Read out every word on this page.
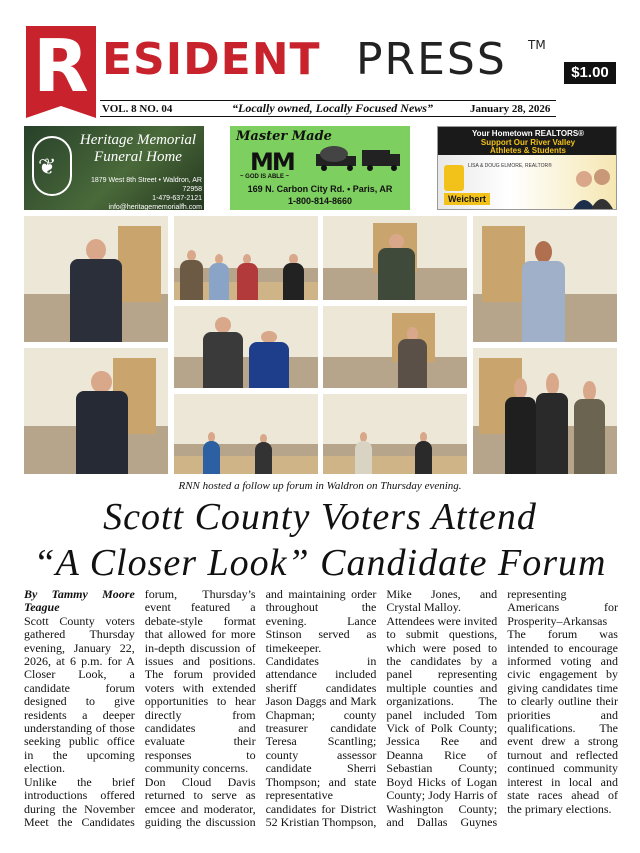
R ESIDENT PRESS TM
$1.00
VOL. 8 NO. 04	“Locally owned, Locally Focused News”	January 28, 2026
❦
Heritage Memorial
Funeral Home
1879 West 8th Street • Waldron, AR 72958
1-479-637-2121
info@heritagememorialfh.com
Master Made
MM
~ GOD IS ABLE ~
169 N. Carbon City Rd. • Paris, AR
1-800-814-8660
Your Hometown REALTORS®
Support Our River Valley
Athletes & Students
LISA & DOUG ELMORE, REALTOR®
Weichert
RNN hosted a follow up forum in Waldron on Thursday evening.
Scott County Voters Attend
“A Closer Look” Candidate Forum

By Tammy Moore Teague

Scott County voters gathered Thursday evening, January 22, 2026, at 6 p.m. for A Closer Look, a candidate forum designed to give residents a deeper understanding of those seeking public office in the upcoming election.

Unlike the brief introductions offered during the November Meet the Candidates forum, Thursday’s event featured a debate-style format that allowed for more in-depth discussion of issues and positions. The forum provided voters with extended opportunities to hear directly from candidates and evaluate their responses to community concerns.

Don Cloud Davis returned to serve as emcee and moderator, guiding the discussion and maintaining order throughout the evening. Lance Stinson served as timekeeper.

Candidates in attendance included sheriff candidates Jason Daggs and Mark Chapman; county treasurer candidate Teresa Scantling; county assessor candidate Sherri Thompson; and state representative candidates for District 52 Kristian Thompson, Mike Jones, and Crystal Malloy.

Attendees were invited to submit questions, which were posed to the candidates by a panel representing multiple counties and organizations. The panel included Tom Vick of Polk County; Jessica Ree and Deanna Rice of Sebastian County; Boyd Hicks of Logan County; Jody Harris of Washington County; and Dallas Guynes representing Americans for Prosperity–Arkansas

The forum was intended to encourage informed voting and civic engagement by giving candidates time to clearly outline their priorities and qualifications. The event drew a strong turnout and reflected continued community interest in local and state races ahead of the primary elections.
